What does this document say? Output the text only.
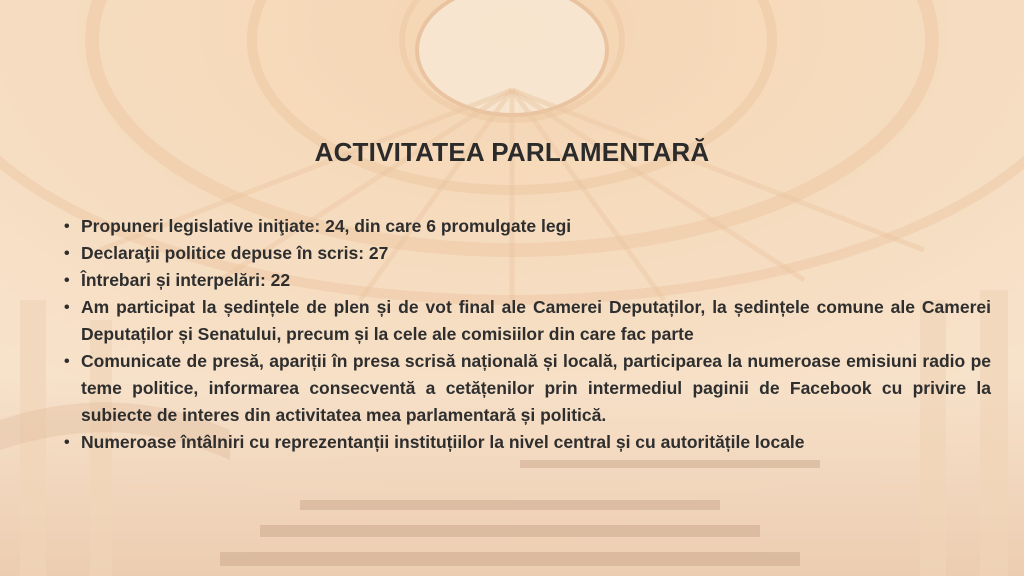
ACTIVITATEA PARLAMENTARĂ
• Propuneri legislative iniţiate: 24, din care 6 promulgate legi
• Declaraţii politice depuse în scris: 27
• Întrebari și interpelări: 22
• Am participat la ședințele de plen și de vot final ale Camerei Deputaților, la ședințele comune ale Camerei Deputaților și Senatului, precum și la cele ale comisiilor din care fac parte
• Comunicate de presă, apariții în presa scrisă națională și locală, participarea la numeroase emisiuni radio pe teme politice, informarea consecventă a cetățenilor prin intermediul paginii de Facebook cu privire la subiecte de interes din activitatea mea parlamentară și politică.
• Numeroase întâlniri cu reprezentanții instituțiilor la nivel central și cu autoritățile locale
